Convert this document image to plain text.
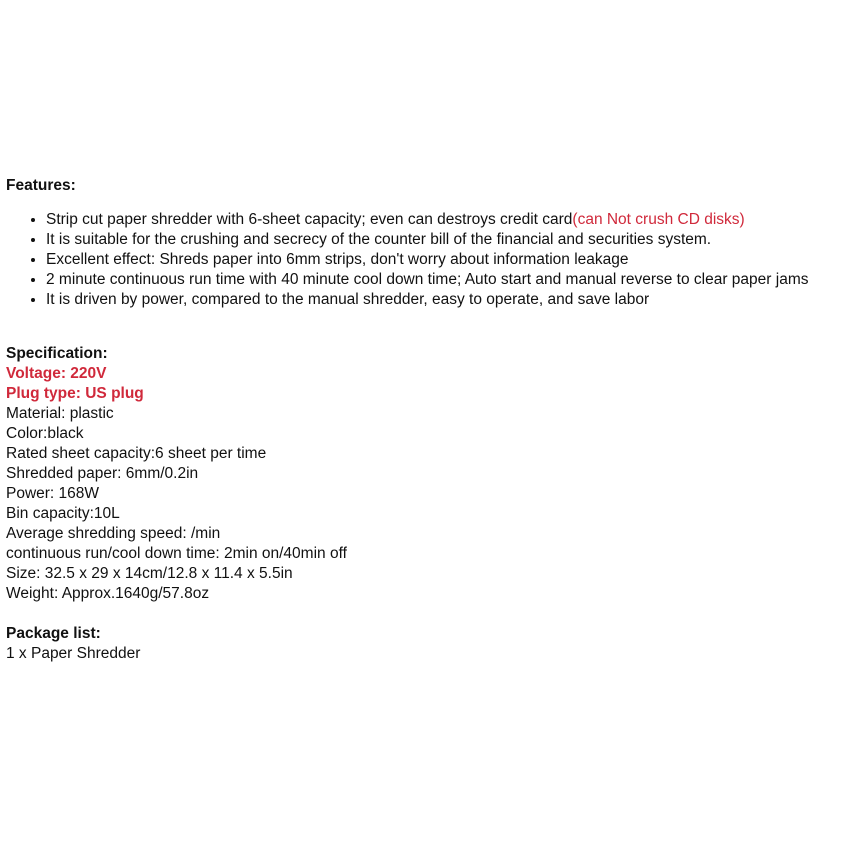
Features:
• Strip cut paper shredder with 6-sheet capacity; even can destroys credit card(can Not crush CD disks)
• It is suitable for the crushing and secrecy of the counter bill of the financial and securities system.
• Excellent effect: Shreds paper into 6mm strips, don't worry about information leakage
• 2 minute continuous run time with 40 minute cool down time; Auto start and manual reverse to clear paper jams
• It is driven by power, compared to the manual shredder, easy to operate, and save labor
Specification:
Voltage: 220V
Plug type: US plug
Material: plastic
Color:black
Rated sheet capacity:6 sheet per time
Shredded paper: 6mm/0.2in
Power: 168W
Bin capacity:10L
Average shredding speed: /min
continuous run/cool down time: 2min on/40min off
Size: 32.5 x 29 x 14cm/12.8 x 11.4 x 5.5in
Weight: Approx.1640g/57.8oz
Package list:
1 x Paper Shredder
